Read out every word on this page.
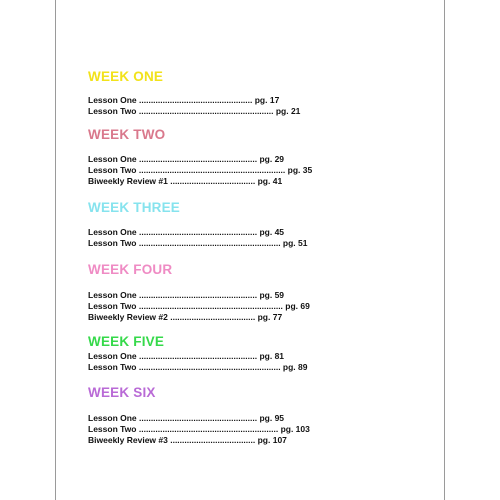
WEEK ONE
Lesson One ................................................ pg. 17
Lesson Two ......................................................... pg. 21
WEEK TWO
Lesson One .................................................. pg. 29
Lesson Two .............................................................. pg. 35
Biweekly Review #1 .................................... pg. 41
WEEK THREE
Lesson One .................................................. pg. 45
Lesson Two ............................................................ pg. 51
WEEK FOUR
Lesson One .................................................. pg. 59
Lesson Two ............................................................. pg. 69
Biweekly Review #2 .................................... pg. 77
WEEK FIVE
Lesson One .................................................. pg. 81
Lesson Two ............................................................ pg. 89
WEEK SIX
Lesson One .................................................. pg. 95
Lesson Two ........................................................... pg. 103
Biweekly Review #3 .................................... pg. 107
